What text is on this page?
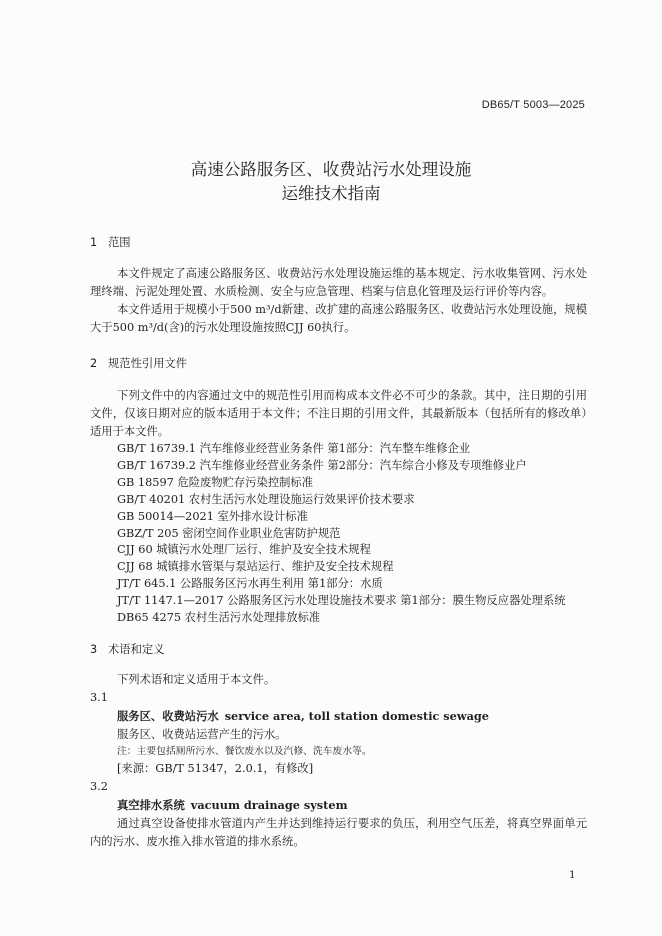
DB65/T 5003—2025
高速公路服务区、收费站污水处理设施
运维技术指南
1 范围
本文件规定了高速公路服务区、收费站污水处理设施运维的基本规定、污水收集管网、污水处理终端、污泥处理处置、水质检测、安全与应急管理、档案与信息化管理及运行评价等内容。
本文件适用于规模小于500 m³/d新建、改扩建的高速公路服务区、收费站污水处理设施，规模大于500 m³/d(含)的污水处理设施按照CJJ 60执行。
2 规范性引用文件
下列文件中的内容通过文中的规范性引用而构成本文件必不可少的条款。其中，注日期的引用文件，仅该日期对应的版本适用于本文件；不注日期的引用文件，其最新版本（包括所有的修改单）适用于本文件。
GB/T 16739.1 汽车维修业经营业务条件 第1部分：汽车整车维修企业
GB/T 16739.2 汽车维修业经营业务条件 第2部分：汽车综合小修及专项维修业户
GB 18597 危险废物贮存污染控制标准
GB/T 40201 农村生活污水处理设施运行效果评价技术要求
GB 50014—2021 室外排水设计标准
GBZ/T 205 密闭空间作业职业危害防护规范
CJJ 60 城镇污水处理厂运行、维护及安全技术规程
CJJ 68 城镇排水管渠与泵站运行、维护及安全技术规程
JT/T 645.1 公路服务区污水再生利用 第1部分：水质
JT/T 1147.1—2017 公路服务区污水处理设施技术要求 第1部分：膜生物反应器处理系统
DB65 4275 农村生活污水处理排放标准
3 术语和定义
下列术语和定义适用于本文件。
3.1
服务区、收费站污水 service area, toll station domestic sewage
服务区、收费站运营产生的污水。
注：主要包括厕所污水、餐饮废水以及汽修、洗车废水等。
[来源：GB/T 51347，2.0.1，有修改]
3.2
真空排水系统 vacuum drainage system
通过真空设备使排水管道内产生并达到维持运行要求的负压，利用空气压差，将真空界面单元内的污水、废水推入排水管道的排水系统。
1
